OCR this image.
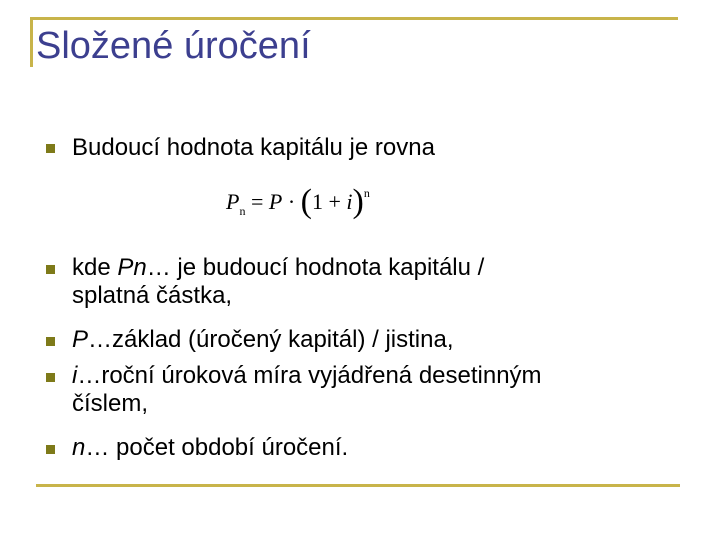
Složené úročení
Budoucí hodnota kapitálu je rovna
$P_n = P \cdot (1 + i)^n$
kde Pn… je budoucí hodnota kapitálu /
splatná částka,
P…základ (úročený kapitál) / jistina,
i…roční úroková míra vyjádřená desetinným
číslem,
n… počet období úročení.
